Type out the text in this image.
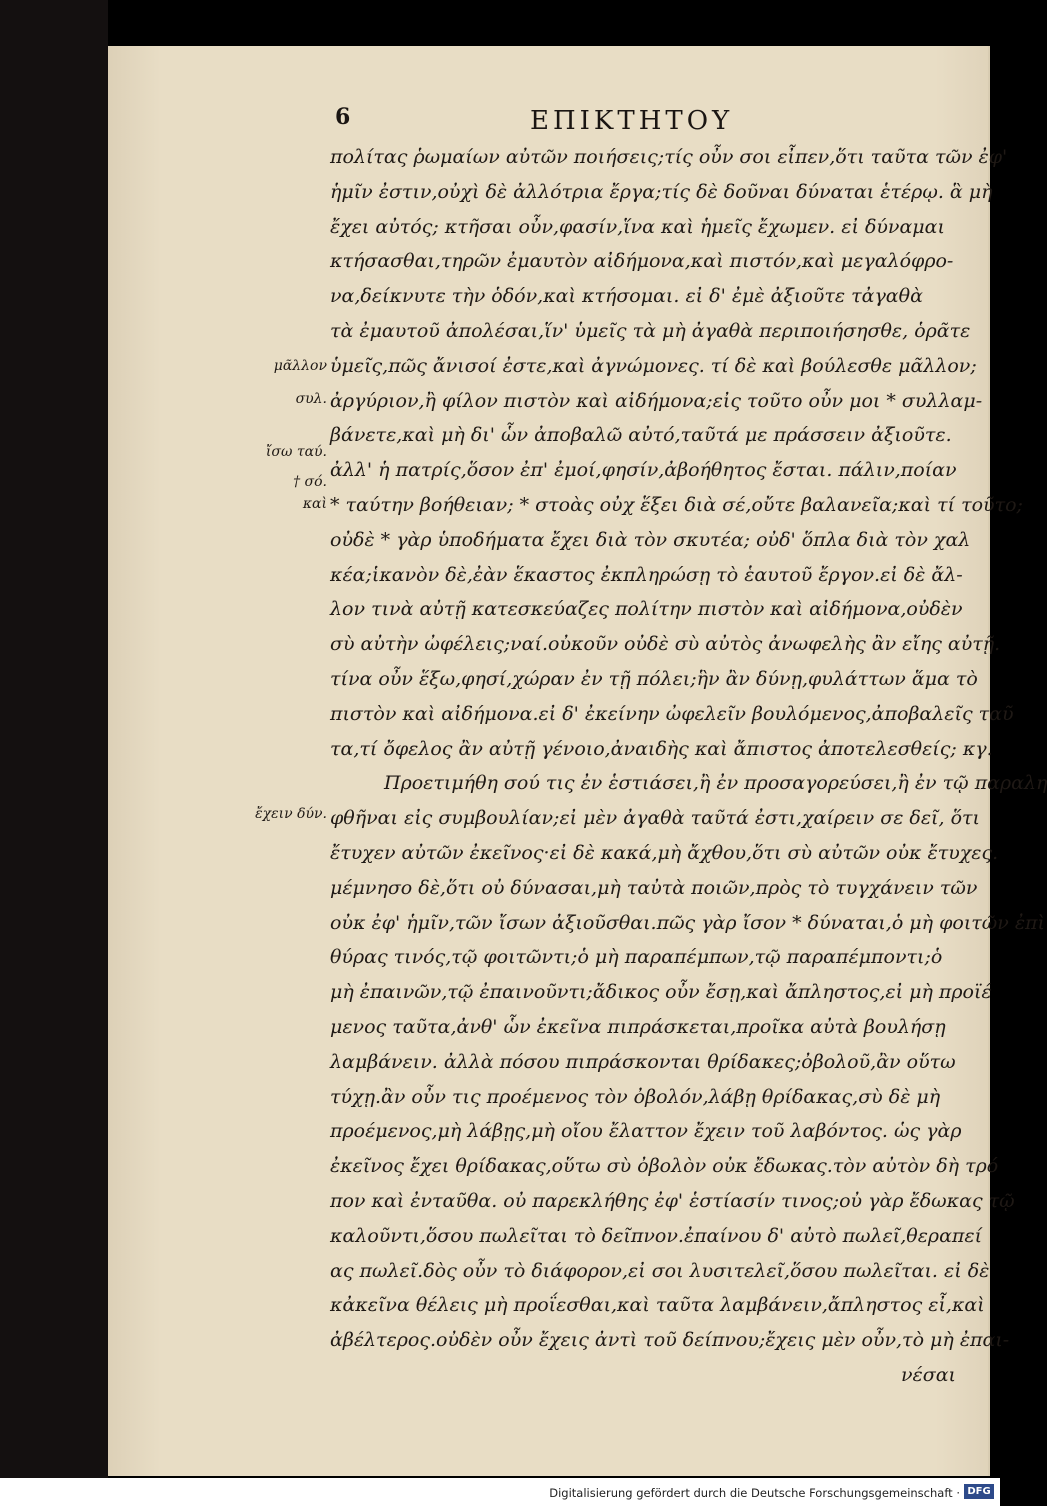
6	ΕΠΙΚΤΗΤΟΥ
πολίτας ῥωμαίων αὐτῶν ποιήσεις;τίς οὖν σοι εἶπεν,ὅτι ταῦτα τῶν ἐφ'
ἡμῖν ἐστιν,οὐχὶ δὲ ἀλλότρια ἔργα;τίς δὲ δοῦναι δύναται ἑτέρῳ. ἃ μὴ
ἔχει αὐτός; κτῆσαι οὖν,φασίν,ἵνα καὶ ἡμεῖς ἔχωμεν. εἰ δύναμαι
κτήσασθαι,τηρῶν ἐμαυτὸν αἰδήμονα,καὶ πιστόν,καὶ μεγαλόφρο-
να,δείκνυτε τὴν ὁδόν,καὶ κτήσομαι. εἰ δ' ἐμὲ ἀξιοῦτε τἀγαθὰ
τὰ ἐμαυτοῦ ἀπολέσαι,ἵν' ὑμεῖς τὰ μὴ ἀγαθὰ περιποιήσησθε, ὁρᾶτε
ὑμεῖς,πῶς ἄνισοί ἐστε,καὶ ἀγνώμονες. τί δὲ καὶ βούλεσθε μᾶλλον;
ἀργύριον,ἢ φίλον πιστὸν καὶ αἰδήμονα;εἰς τοῦτο οὖν μοι * συλλαμ-
βάνετε,καὶ μὴ δι' ὧν ἀποβαλῶ αὐτό,ταῦτά με πράσσειν ἀξιοῦτε.
ἀλλ' ἡ πατρίς,ὅσον ἐπ' ἐμοί,φησίν,ἀβοήθητος ἔσται. πάλιν,ποίαν
* ταύτην βοήθειαν; * στοὰς οὐχ ἕξει διὰ σέ,οὔτε βαλανεῖα;καὶ τί τοῦτο;
οὐδὲ * γὰρ ὑποδήματα ἔχει διὰ τὸν σκυτέα; οὐδ' ὅπλα διὰ τὸν χαλ
κέα;ἱκανὸν δὲ,ἐὰν ἕκαστος ἐκπληρώσῃ τὸ ἑαυτοῦ ἔργον.εἰ δὲ ἄλ-
λον τινὰ αὐτῇ κατεσκεύαζες πολίτην πιστὸν καὶ αἰδήμονα,οὐδὲν
σὺ αὐτὴν ὠφέλεις;ναί.οὐκοῦν οὐδὲ σὺ αὐτὸς ἀνωφελὴς ἂν εἴης αὐτῇ.
τίνα οὖν ἕξω,φησί,χώραν ἐν τῇ πόλει;ἣν ἂν δύνῃ,φυλάττων ἅμα τὸ
πιστὸν καὶ αἰδήμονα.εἰ δ' ἐκείνην ὠφελεῖν βουλόμενος,ἀποβαλεῖς ταῦ
τα,τί ὄφελος ἂν αὐτῇ γένοιο,ἀναιδὴς καὶ ἄπιστος ἀποτελεσθείς; κγ.
Προετιμήθη σού τις ἐν ἑστιάσει,ἢ ἐν προσαγορεύσει,ἢ ἐν τῷ παραλη
φθῆναι εἰς συμβουλίαν;εἰ μὲν ἀγαθὰ ταῦτά ἐστι,χαίρειν σε δεῖ, ὅτι
ἔτυχεν αὐτῶν ἐκεῖνος·εἰ δὲ κακά,μὴ ἄχθου,ὅτι σὺ αὐτῶν οὐκ ἔτυχες.
μέμνησο δὲ,ὅτι οὐ δύνασαι,μὴ ταὐτὰ ποιῶν,πρὸς τὸ τυγχάνειν τῶν
οὐκ ἐφ' ἡμῖν,τῶν ἴσων ἀξιοῦσθαι.πῶς γὰρ ἴσον * δύναται,ὁ μὴ φοιτῶν ἐπὶ
θύρας τινός,τῷ φοιτῶντι;ὁ μὴ παραπέμπων,τῷ παραπέμποντι;ὁ
μὴ ἐπαινῶν,τῷ ἐπαινοῦντι;ἄδικος οὖν ἔσῃ,καὶ ἄπληστος,εἰ μὴ προϊέ
μενος ταῦτα,ἀνθ' ὧν ἐκεῖνα πιπράσκεται,προῖκα αὐτὰ βουλήσῃ
λαμβάνειν. ἀλλὰ πόσου πιπράσκονται θρίδακες;ὀβολοῦ,ἂν οὕτω
τύχῃ.ἂν οὖν τις προέμενος τὸν ὀβολόν,λάβῃ θρίδακας,σὺ δὲ μὴ
προέμενος,μὴ λάβῃς,μὴ οἴου ἔλαττον ἔχειν τοῦ λαβόντος. ὡς γὰρ
ἐκεῖνος ἔχει θρίδακας,οὕτω σὺ ὀβολὸν οὐκ ἔδωκας.τὸν αὐτὸν δὴ τρό
πον καὶ ἐνταῦθα. οὐ παρεκλήθης ἐφ' ἑστίασίν τινος;οὐ γὰρ ἔδωκας τῷ
καλοῦντι,ὅσου πωλεῖται τὸ δεῖπνον.ἐπαίνου δ' αὐτὸ πωλεῖ,θεραπεί
ας πωλεῖ.δὸς οὖν τὸ διάφορον,εἰ σοι λυσιτελεῖ,ὅσου πωλεῖται. εἰ δὲ
κἀκεῖνα θέλεις μὴ προΐεσθαι,καὶ ταῦτα λαμβάνειν,ἄπληστος εἶ,καὶ
ἀβέλτερος.οὐδὲν οὖν ἔχεις ἀντὶ τοῦ δείπνου;ἔχεις μὲν οὖν,τὸ μὴ ἐπαι-
νέσαι
μᾶλλον
συλ.
ἴσω ταύ.
† σό.
καὶ
ἔχειν δύν.
Digitalisierung gefördert durch die Deutsche Forschungsgemeinschaft · DFG
